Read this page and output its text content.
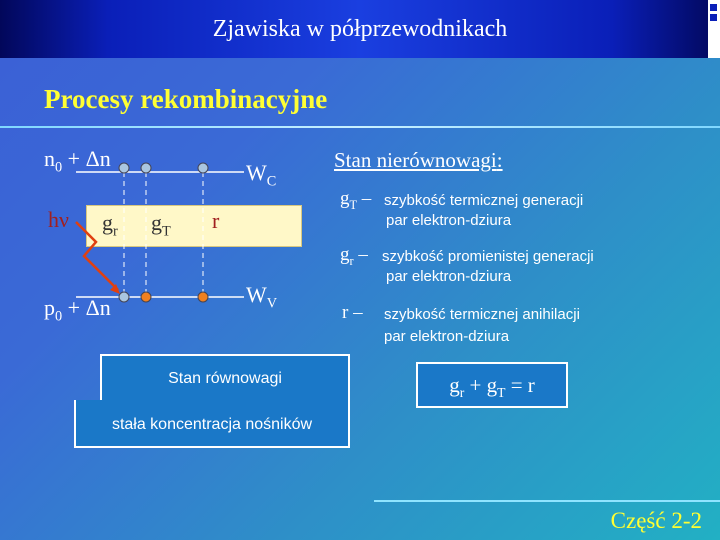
Zjawiska w półprzewodnikach
Procesy rekombinacyjne
$n_0 + \Delta n$
$W_C$
hν $g_r$ $g_T$ r
$W_V$
$p_0 + \Delta n$
Stan nierównowagi:
$g_T$ – szybkość termicznej generacji
par elektron-dziura
$g_r$ – szybkość promienistej generacji
par elektron-dziura
r – szybkość termicznej anihilacji
par elektron-dziura
Stan równowagi
stała koncentracja nośników
$g_r + g_T = r$
Część 2-2
